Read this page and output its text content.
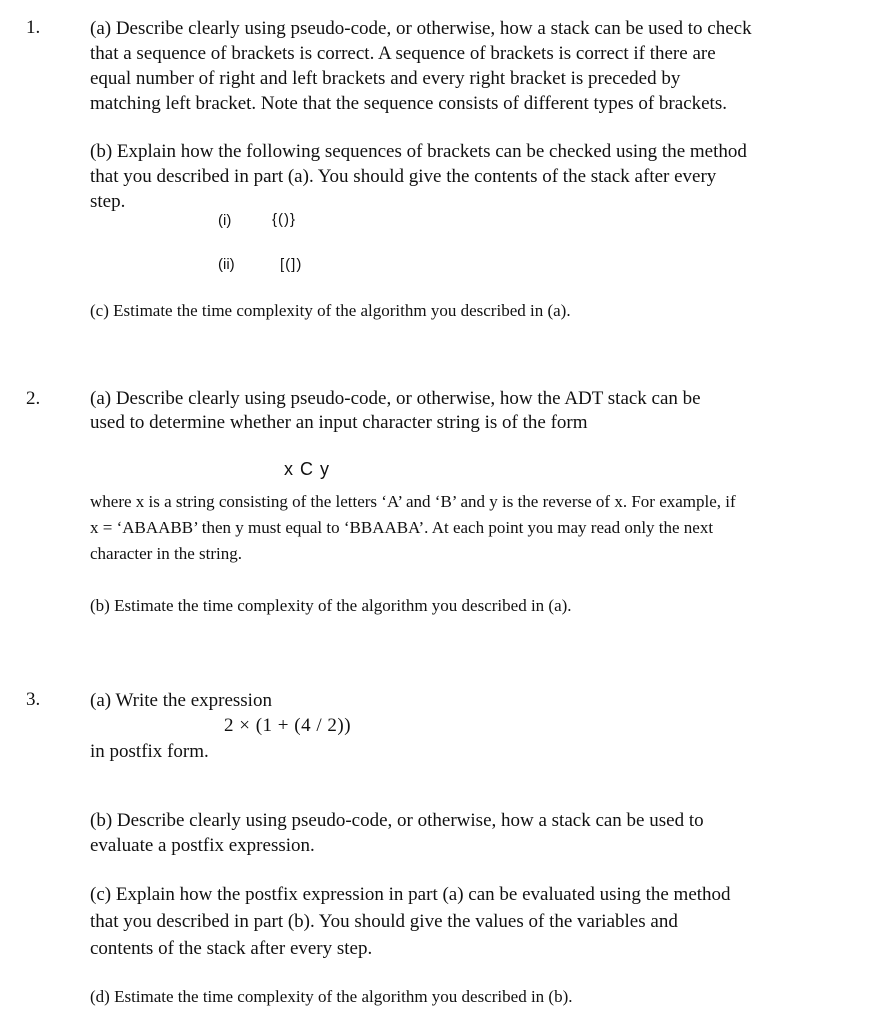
1.	(a) Describe clearly using pseudo-code, or otherwise, how a stack can be used to check
that a sequence of brackets is correct. A sequence of brackets is correct if there are
equal number of right and left brackets and every right bracket is preceded by
matching left bracket. Note that the sequence consists of different types of brackets.
(b) Explain how the following sequences of brackets can be checked using the method
that you described in part (a). You should give the contents of the stack after every
step.
(i)	{()}
(ii)	[(])
(c) Estimate the time complexity of the algorithm you described in (a).
2.	(a) Describe clearly using pseudo-code, or otherwise, how the ADT stack can be
used to determine whether an input character string is of the form
x C y
where x is a string consisting of the letters ‘A’ and ‘B’ and y is the reverse of x. For example, if
x = ‘ABAABB’ then y must equal to ‘BBAABA’. At each point you may read only the next
character in the string.
(b) Estimate the time complexity of the algorithm you described in (a).
3.	(a) Write the expression
2 × (1 + (4 / 2))
in postfix form.
(b) Describe clearly using pseudo-code, or otherwise, how a stack can be used to
evaluate a postfix expression.
(c) Explain how the postfix expression in part (a) can be evaluated using the method
that you described in part (b). You should give the values of the variables and
contents of the stack after every step.
(d) Estimate the time complexity of the algorithm you described in (b).
